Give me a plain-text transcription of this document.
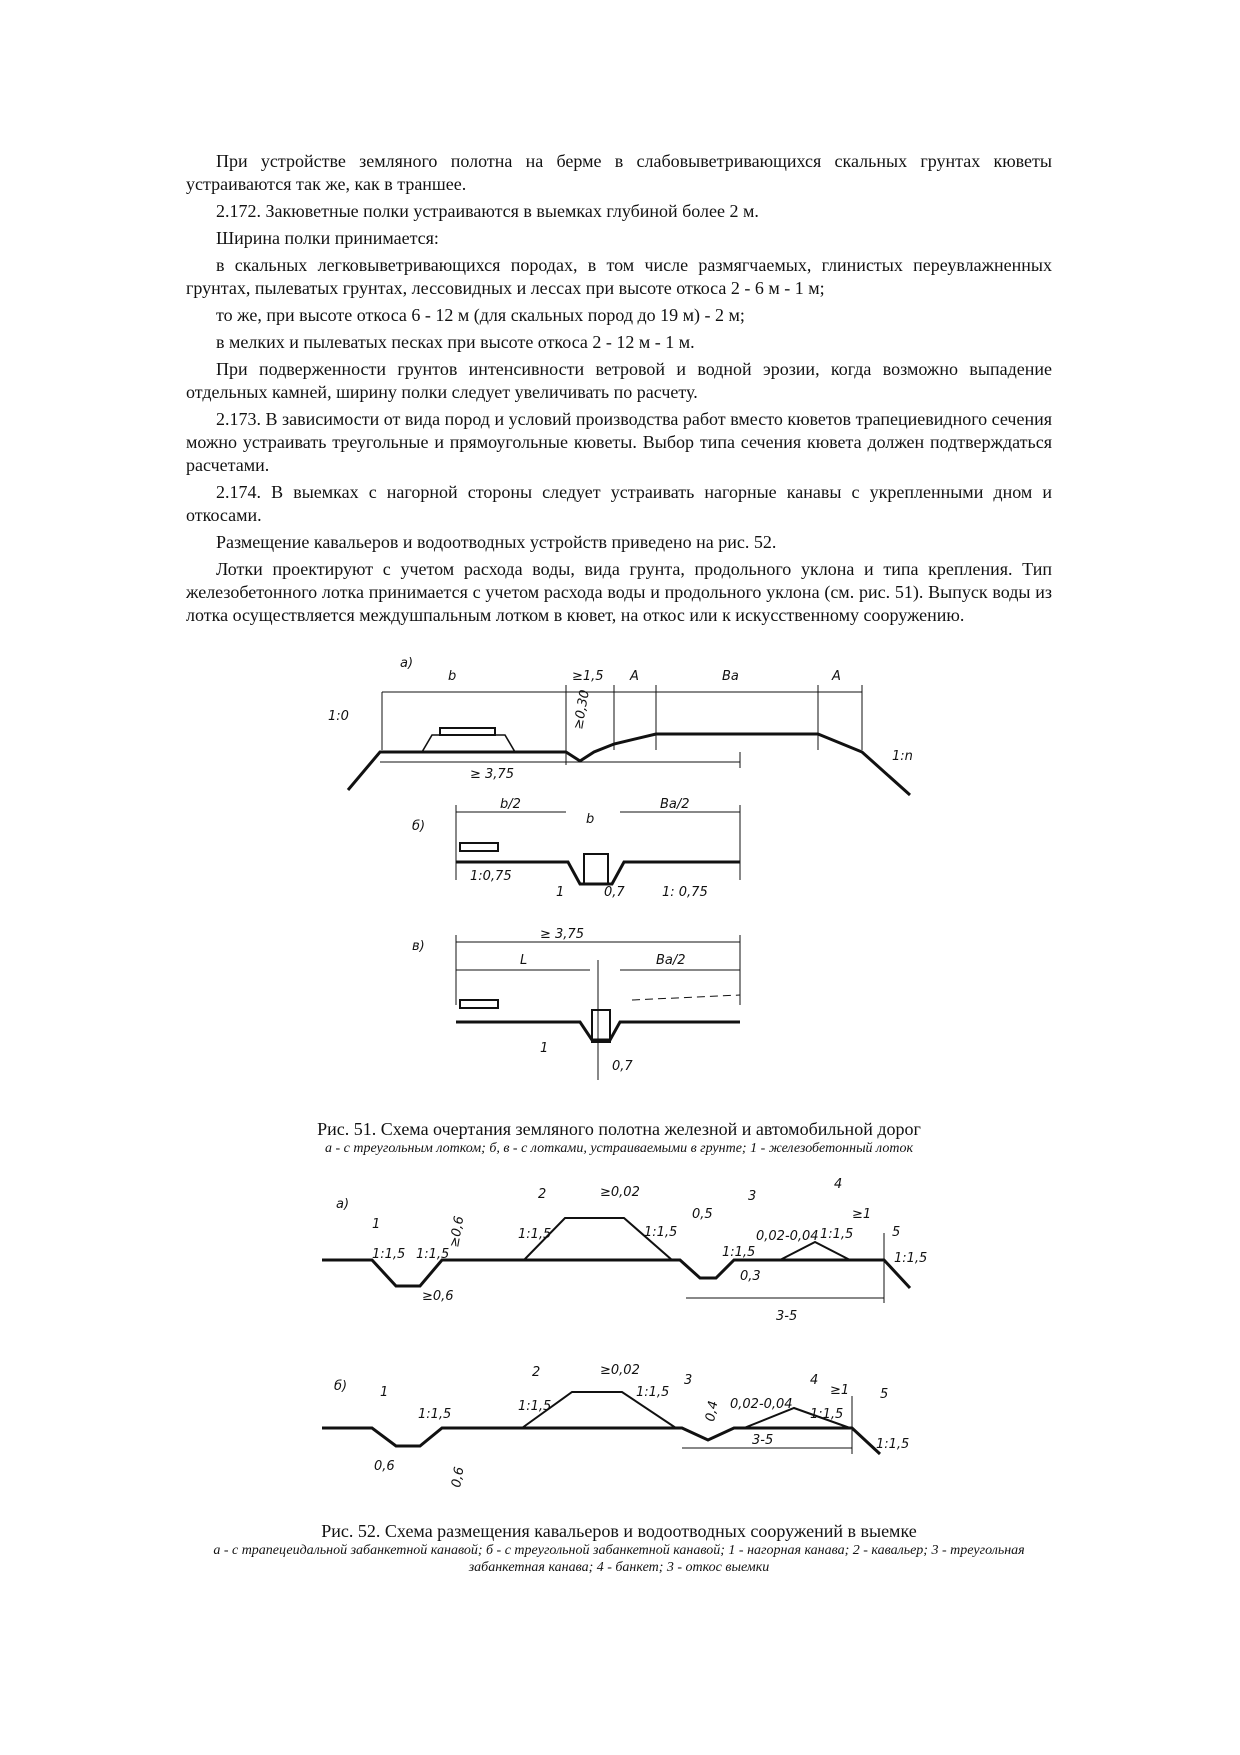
При устройстве земляного полотна на берме в слабовыветривающихся скальных грунтах кюветы устраиваются так же, как в траншее.

2.172. Закюветные полки устраиваются в выемках глубиной более 2 м.

Ширина полки принимается:

в скальных легковыветривающихся породах, в том числе размягчаемых, глинистых переувлажненных грунтах, пылеватых грунтах, лессовидных и лессах при высоте откоса 2 - 6 м - 1 м;

то же, при высоте откоса 6 - 12 м (для скальных пород до 19 м) - 2 м;

в мелких и пылеватых песках при высоте откоса 2 - 12 м - 1 м.

При подверженности грунтов интенсивности ветровой и водной эрозии, когда возможно выпадение отдельных камней, ширину полки следует увеличивать по расчету.

2.173. В зависимости от вида пород и условий производства работ вместо кюветов трапециевидного сечения можно устраивать треугольные и прямоугольные кюветы. Выбор типа сечения кювета должен подтверждаться расчетами.

2.174. В выемках с нагорной стороны следует устраивать нагорные канавы с укрепленными дном и откосами.

Размещение кавальеров и водоотводных устройств приведено на рис. 52.

Лотки проектируют с учетом расхода воды, вида грунта, продольного уклона и типа крепления. Тип железобетонного лотка принимается с учетом расхода воды и продольного уклона (см. рис. 51). Выпуск воды из лотка осуществляется междушпальным лотком в кювет, на откос или к искусственному сооружению.

а)
b	≥1,5 A	Bа	A
1:0
1:n
≥0,30
≥ 3,75
б)
b/2
b
Bа/2
1:0,75
1	0,7	1: 0,75
в)
≥ 3,75
L	Bа/2
1
0,7
Рис. 51. Схема очертания земляного полотна железной и автомобильной дорог
а - с треугольным лотком; б, в - с лотками, устраиваемыми в грунте; 1 - железобетонный лоток
а)
1
2	3
4
5
1:1,5 1:1,5
1:1,5	1:1,5
1:1,5
1:1,5
1:1,5
≥0,6
≥0,6
≥0,02
0,5
0,3
0,02-0,04
≥1
3-5
б)	1
2
3	4
5
1:1,5
1:1,5
1:1,5
1:1,5
1:1,5
0,6	0,6
≥0,02
0,4 0,02-0,04
≥1
3-5
Рис. 52. Схема размещения кавальеров и водоотводных сооружений в выемке
а - с трапецеидальной забанкетной канавой; б - с треугольной забанкетной канавой; 1 - нагорная канава; 2 - кавальер; 3 - треугольная забанкетная канава; 4 - банкет; 3 - откос выемки
